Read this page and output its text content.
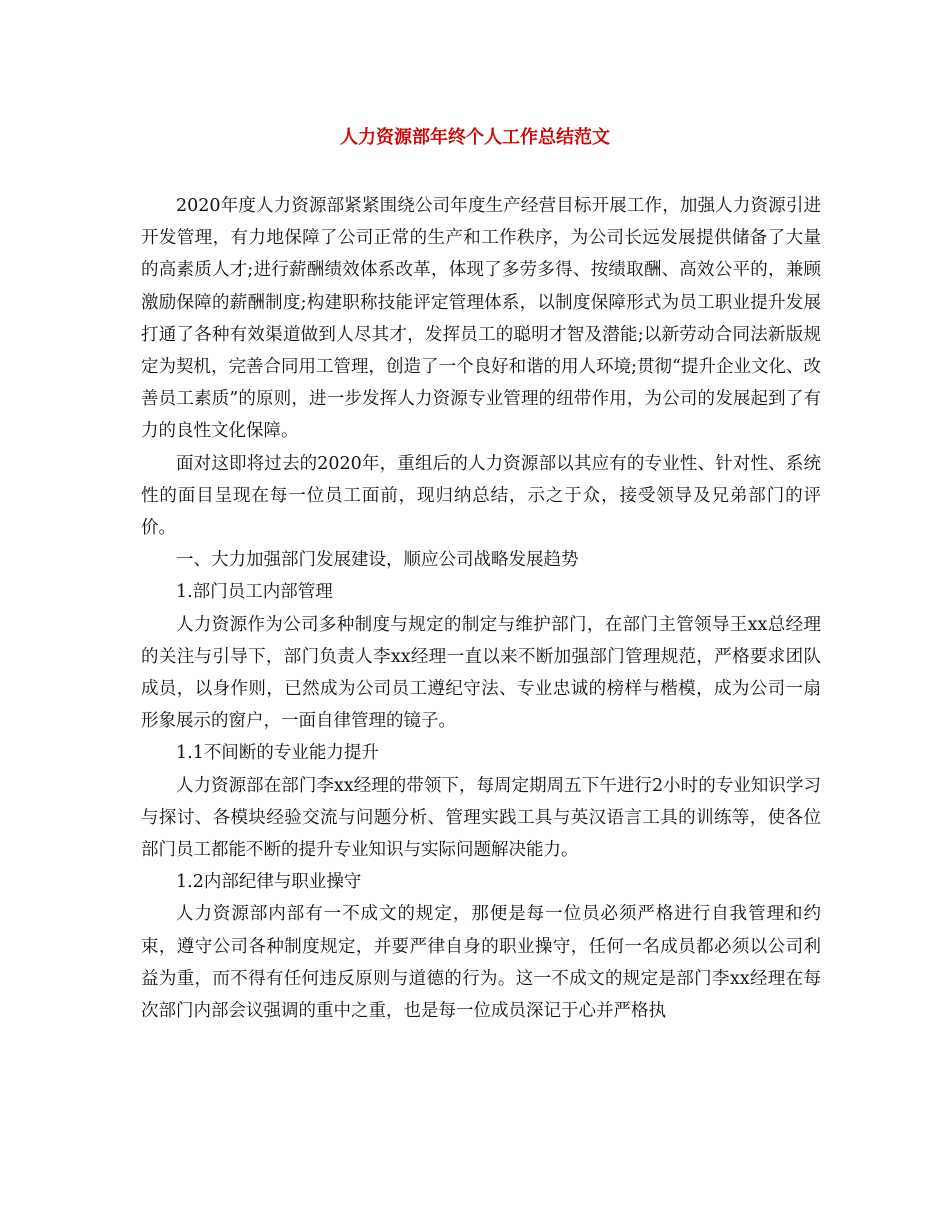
人力资源部年终个人工作总结范文

2020年度人力资源部紧紧围绕公司年度生产经营目标开展工作，加强人力资源引进开发管理，有力地保障了公司正常的生产和工作秩序，为公司长远发展提供储备了大量的高素质人才;进行薪酬绩效体系改革，体现了多劳多得、按绩取酬、高效公平的，兼顾激励保障的薪酬制度;构建职称技能评定管理体系，以制度保障形式为员工职业提升发展打通了各种有效渠道做到人尽其才，发挥员工的聪明才智及潜能;以新劳动合同法新版规定为契机，完善合同用工管理，创造了一个良好和谐的用人环境;贯彻“提升企业文化、改善员工素质”的原则，进一步发挥人力资源专业管理的纽带作用，为公司的发展起到了有力的良性文化保障。

面对这即将过去的2020年，重组后的人力资源部以其应有的专业性、针对性、系统性的面目呈现在每一位员工面前，现归纳总结，示之于众，接受领导及兄弟部门的评价。

一、大力加强部门发展建设，顺应公司战略发展趋势

1.部门员工内部管理

人力资源作为公司多种制度与规定的制定与维护部门，在部门主管领导王xx总经理的关注与引导下，部门负责人李xx经理一直以来不断加强部门管理规范，严格要求团队成员，以身作则，已然成为公司员工遵纪守法、专业忠诚的榜样与楷模，成为公司一扇形象展示的窗户，一面自律管理的镜子。

1.1不间断的专业能力提升

人力资源部在部门李xx经理的带领下，每周定期周五下午进行2小时的专业知识学习与探讨、各模块经验交流与问题分析、管理实践工具与英汉语言工具的训练等，使各位部门员工都能不断的提升专业知识与实际问题解决能力。

1.2内部纪律与职业操守

人力资源部内部有一不成文的规定，那便是每一位员必须严格进行自我管理和约束，遵守公司各种制度规定，并要严律自身的职业操守，任何一名成员都必须以公司利益为重，而不得有任何违反原则与道德的行为。这一不成文的规定是部门李xx经理在每次部门内部会议强调的重中之重，也是每一位成员深记于心并严格执
